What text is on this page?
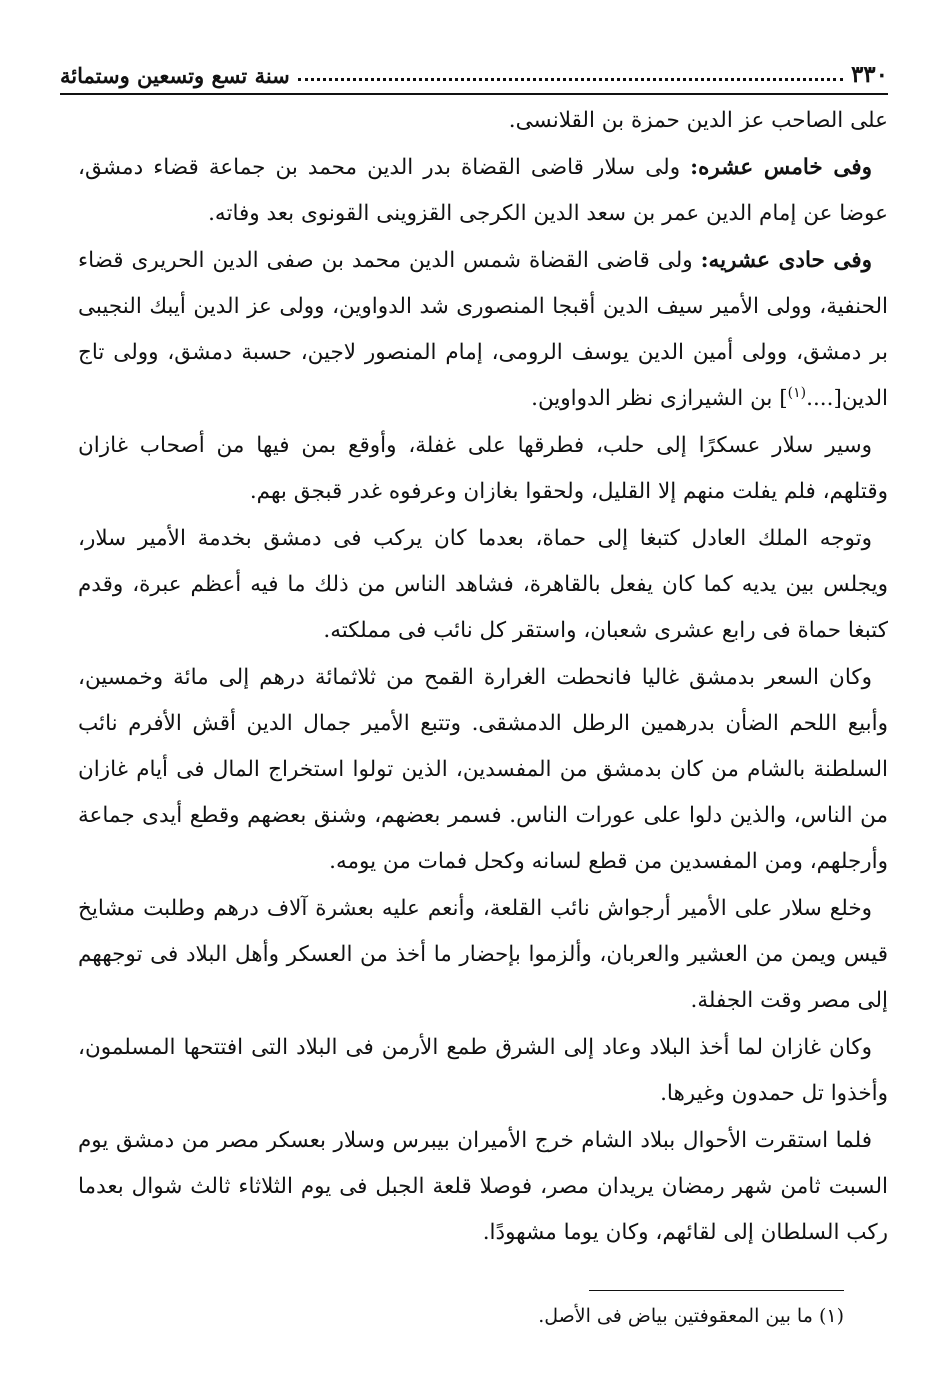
٣٣٠
سنة تسع وتسعين وستمائة

على الصاحب عز الدين حمزة بن القلانسى.

وفى خامس عشره: ولى سلار قاضى القضاة بدر الدين محمد بن جماعة قضاء دمشق، عوضا عن إمام الدين عمر بن سعد الدين الكرجى القزوينى القونوى بعد وفاته.

وفى حادى عشريه: ولى قاضى القضاة شمس الدين محمد بن صفى الدين الحريرى قضاء الحنفية، وولى الأمير سيف الدين أقبجا المنصورى شد الدواوين، وولى عز الدين أيبك النجيبى بر دمشق، وولى أمين الدين يوسف الرومى، إمام المنصور لاجين، حسبة دمشق، وولى تاج الدين[....$^{(١)}$] بن الشيرازى نظر الدواوين.

وسير سلار عسكرًا إلى حلب، فطرقها على غفلة، وأوقع بمن فيها من أصحاب غازان وقتلهم، فلم يفلت منهم إلا القليل، ولحقوا بغازان وعرفوه غدر قبجق بهم.

وتوجه الملك العادل كتبغا إلى حماة، بعدما كان يركب فى دمشق بخدمة الأمير سلار، ويجلس بين يديه كما كان يفعل بالقاهرة، فشاهد الناس من ذلك ما فيه أعظم عبرة، وقدم كتبغا حماة فى رابع عشرى شعبان، واستقر كل نائب فى مملكته.

وكان السعر بدمشق غاليا فانحطت الغرارة القمح من ثلاثمائة درهم إلى مائة وخمسين، وأبيع اللحم الضأن بدرهمين الرطل الدمشقى. وتتبع الأمير جمال الدين أقش الأفرم نائب السلطنة بالشام من كان بدمشق من المفسدين، الذين تولوا استخراج المال فى أيام غازان من الناس، والذين دلوا على عورات الناس. فسمر بعضهم، وشنق بعضهم وقطع أيدى جماعة وأرجلهم، ومن المفسدين من قطع لسانه وكحل فمات من يومه.

وخلع سلار على الأمير أرجواش نائب القلعة، وأنعم عليه بعشرة آلاف درهم وطلبت مشايخ قيس ويمن من العشير والعربان، وألزموا بإحضار ما أخذ من العسكر وأهل البلاد فى توجههم إلى مصر وقت الجفلة.

وكان غازان لما أخذ البلاد وعاد إلى الشرق طمع الأرمن فى البلاد التى افتتحها المسلمون، وأخذوا تل حمدون وغيرها.

فلما استقرت الأحوال ببلاد الشام خرج الأميران بيبرس وسلار بعسكر مصر من دمشق يوم السبت ثامن شهر رمضان يريدان مصر، فوصلا قلعة الجبل فى يوم الثلاثاء ثالث شوال بعدما ركب السلطان إلى لقائهم، وكان يوما مشهودًا.

(١) ما بين المعقوفتين بياض فى الأصل.
